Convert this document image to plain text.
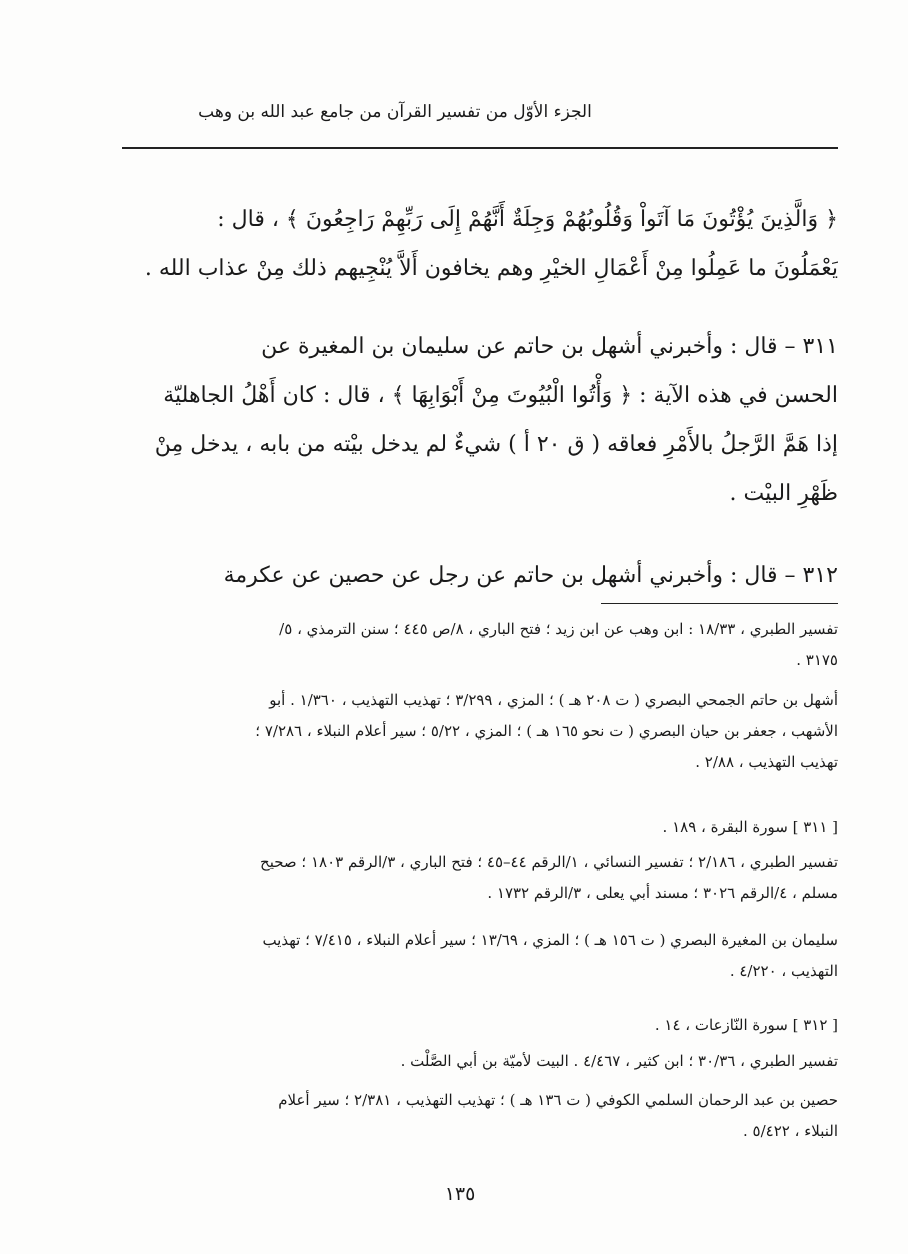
الجزء الأوّل من تفسير القرآن من جامع عبد الله بن وهب
﴿ وَالَّذِينَ يُؤْتُونَ مَا آتَواْ وَقُلُوبُهُمْ وَجِلَةٌ أَنَّهُمْ إِلَى رَبِّهِمْ رَاجِعُونَ ﴾ ، قال :
يَعْمَلُونَ ما عَمِلُوا مِنْ أَعْمَالِ الخيْرِ وهم يخافون أَلاَّ يُنْجِيهم ذلك مِنْ عذاب الله .
٣١١ – قال : وأخبرني أشهل بن حاتم عن سليمان بن المغيرة عن
الحسن في هذه الآية : ﴿ وَأْتُوا الْبُيُوتَ مِنْ أَبْوَابِهَا ﴾ ، قال : كان أَهْلُ الجاهليّة
إذا هَمَّ الرَّجلُ بالأَمْرِ فعاقه ( ق ٢٠ أ ) شيءٌ لم يدخل بيْته من بابه ، يدخل مِنْ
ظَهْرِ البيْت .
٣١٢ – قال : وأخبرني أشهل بن حاتم عن رجل عن حصين عن عكرمة
تفسير الطبري ، ١٨/٣٣ : ابن وهب عن ابن زيد ؛ فتح الباري ، ٨/ص ٤٤٥ ؛ سنن الترمذي ، ٥/
٣١٧٥ .
أشهل بن حاتم الجمحي البصري ( ت ٢٠٨ هـ ) ؛ المزي ، ٣/٢٩٩ ؛ تهذيب التهذيب ، ١/٣٦٠ . أبو
الأشهب ، جعفر بن حيان البصري ( ت نحو ١٦٥ هـ ) ؛ المزي ، ٥/٢٢ ؛ سير أعلام النبلاء ، ٧/٢٨٦ ؛
تهذيب التهذيب ، ٢/٨٨ .
[ ٣١١ ] سورة البقرة ، ١٨٩ .
تفسير الطبري ، ٢/١٨٦ ؛ تفسير النسائي ، ١/الرقم ٤٤–٤٥ ؛ فتح الباري ، ٣/الرقم ١٨٠٣ ؛ صحيح
مسلم ، ٤/الرقم ٣٠٢٦ ؛ مسند أبي يعلى ، ٣/الرقم ١٧٣٢ .
سليمان بن المغيرة البصري ( ت ١٥٦ هـ ) ؛ المزي ، ١٣/٦٩ ؛ سير أعلام النبلاء ، ٧/٤١٥ ؛ تهذيب
التهذيب ، ٤/٢٢٠ .
[ ٣١٢ ] سورة النّازعات ، ١٤ .
تفسير الطبري ، ٣٠/٣٦ ؛ ابن كثير ، ٤/٤٦٧ . البيت لأميّة بن أبي الصَّلْت .
حصين بن عبد الرحمان السلمي الكوفي ( ت ١٣٦ هـ ) ؛ تهذيب التهذيب ، ٢/٣٨١ ؛ سير أعلام
النبلاء ، ٥/٤٢٢ .
١٣٥
